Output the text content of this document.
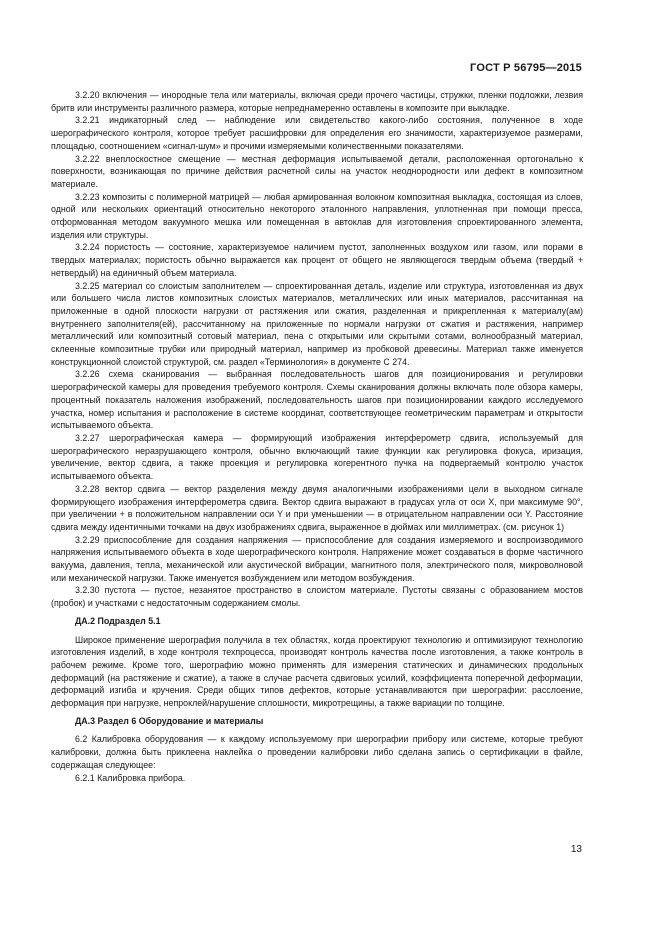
ГОСТ Р 56795—2015

3.2.20 включения — инородные тела или материалы, включая среди прочего частицы, стружки, пленки подложки, лезвия бритв или инструменты различного размера, которые непреднамеренно оставлены в композите при выкладке.

3.2.21 индикаторный след — наблюдение или свидетельство какого-либо состояния, полученное в ходе шерографического контроля, которое требует расшифровки для определения его значимости, характеризуемое размерами, площадью, соотношением «сигнал-шум» и прочими измеряемыми количественными показателями.

3.2.22 внеплоскостное смещение — местная деформация испытываемой детали, расположенная ортогонально к поверхности, возникающая по причине действия расчетной силы на участок неоднородности или дефект в композитном материале.

3.2.23 композиты с полимерной матрицей — любая армированная волокном композитная выкладка, состоящая из слоев, одной или нескольких ориентаций относительно некоторого эталонного направления, уплотненная при помощи пресса, отформованная методом вакуумного мешка или помещенная в автоклав для изготовления спроектированного элемента, изделия или структуры.

3.2.24 пористость — состояние, характеризуемое наличием пустот, заполненных воздухом или газом, или порами в твердых материалах; пористость обычно выражается как процент от общего не являющегося твердым объема (твердый + нетвердый) на единичный объем материала.

3.2.25 материал со слоистым заполнителем — спроектированная деталь, изделие или структура, изготовленная из двух или большего числа листов композитных слоистых материалов, металлических или иных материалов, рассчитанная на приложенные в одной плоскости нагрузки от растяжения или сжатия, разделенная и прикрепленная к материалу(ам) внутреннего заполнителя(ей), рассчитанному на приложенные по нормали нагрузки от сжатия и растяжения, например металлический или композитный сотовый материал, пена с открытыми или скрытыми сотами, волнообразный материал, склеенные композитные трубки или природный материал, например из пробковой древесины. Материал также именуется конструкционной слоистой структурой, см. раздел «Терминология» в документе С 274.

3.2.26 схема сканирования — выбранная последовательность шагов для позиционирования и регулировки шерографической камеры для проведения требуемого контроля. Схемы сканирования должны включать поле обзора камеры, процентный показатель наложения изображений, последовательность шагов при позиционировании каждого исследуемого участка, номер испытания и расположение в системе координат, соответствующее геометрическим параметрам и открытости испытываемого объекта.

3.2.27 шерографическая камера — формирующий изображения интерферометр сдвига, используемый для шерографического неразрушающего контроля, обычно включающий такие функции как регулировка фокуса, иризация, увеличение, вектор сдвига, а также проекция и регулировка когерентного пучка на подвергаемый контролю участок испытываемого объекта.

3.2.28 вектор сдвига — вектор разделения между двумя аналогичными изображениями цели в выходном сигнале формирующего изображения интерферометра сдвига. Вектор сдвига выражают в градусах угла от оси X, при максимуме 90°, при увеличении + в положительном направлении оси Y и при уменьшении — в отрицательном направлении оси Y. Расстояние сдвига между идентичными точками на двух изображениях сдвига, выраженное в дюймах или миллиметрах. (см. рисунок 1)

3.2.29 приспособление для создания напряжения — приспособление для создания измеряемого и воспроизводимого напряжения испытываемого объекта в ходе шерографического контроля. Напряжение может создаваться в форме частичного вакуума, давления, тепла, механической или акустической вибрации, магнитного поля, электрического поля, микроволновой или механической нагрузки. Также именуется возбуждением или методом возбуждения.

3.2.30 пустота — пустое, незанятое пространство в слоистом материале. Пустоты связаны с образованием мостов (пробок) и участками с недостаточным содержанием смолы.

ДА.2 Подраздел 5.1

Широкое применение шерография получила в тех областях, когда проектируют технологию и оптимизируют технологию изготовления изделий, в ходе контроля техпроцесса, производят контроль качества после изготовления, а также контроль в рабочем режиме. Кроме того, шерографию можно применять для измерения статических и динамических продольных деформаций (на растяжение и сжатие), а также в случае расчета сдвиговых усилий, коэффициента поперечной деформации, деформаций изгиба и кручения. Среди общих типов дефектов, которые устанавливаются при шерографии: расслоение, деформация при нагрузке, непроклей/нарушение сплошности, микротрещины, а также вариации по толщине.

ДА.3 Раздел 6 Оборудование и материалы

6.2 Калибровка оборудования — к каждому используемому при шерографии прибору или системе, которые требуют калибровки, должна быть приклеена наклейка о проведении калибровки либо сделана запись о сертификации в файле, содержащая следующее:

6.2.1 Калибровка прибора.

13
